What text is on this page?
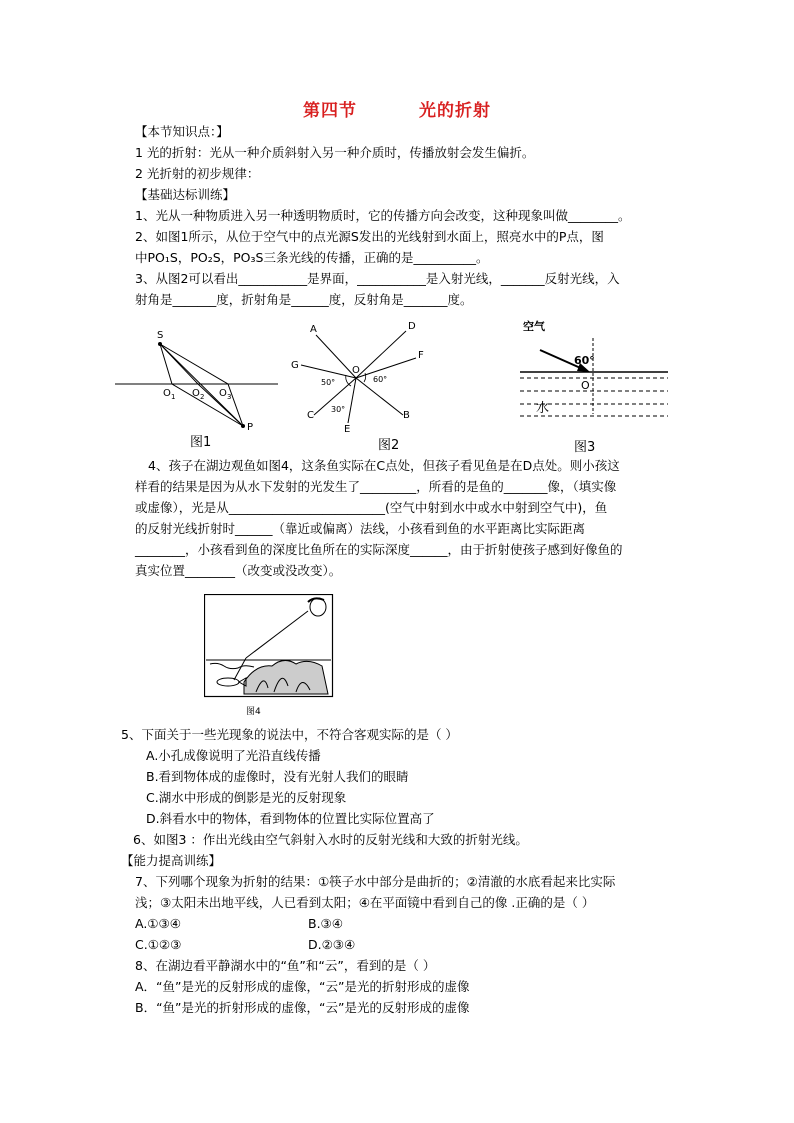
第四节	光的折射
【本节知识点：】
1 光的折射：光从一种介质斜射入另一种介质时，传播放射会发生偏折。
2 光折射的初步规律：
【基础达标训练】
1、光从一种物质进入另一种透明物质时，它的传播方向会改变，这种现象叫做________。
2、如图1所示，从位于空气中的点光源S发出的光线射到水面上，照亮水中的P点，图
中PO₁S，PO₂S，PO₃S三条光线的传播，正确的是__________。
3、从图2可以看出___________是界面，___________是入射光线，_______反射光线，入
射角是_______度，折射角是______度，反射角是_______度。
S
O 1 O 2 O 3
P
图1
A	D
F
G	O
50°	60°
30°
C
E
B
图2
空气
60°
O
水
图3
4、孩子在湖边观鱼如图4，这条鱼实际在C点处，但孩子看见鱼是在D点处。则小孩这
样看的结果是因为从水下发射的光发生了_________，所看的是鱼的_______像，（填实像
或虚像），光是从_________________________(空气中射到水中或水中射到空气中)，鱼
的反射光线折射时______（靠近或偏离）法线，小孩看到鱼的水平距离比实际距离
________，小孩看到鱼的深度比鱼所在的实际深度______，由于折射使孩子感到好像鱼的
真实位置________（改变或没改变）。
图4
5、下面关于一些光现象的说法中，不符合客观实际的是（ ）
A.小孔成像说明了光沿直线传播
B.看到物体成的虚像时，没有光射人我们的眼睛
C.湖水中形成的倒影是光的反射现象
D.斜看水中的物体，看到物体的位置比实际位置高了
6、如图3 ：作出光线由空气斜射入水时的反射光线和大致的折射光线。
【能力提高训练】
7、下列哪个现象为折射的结果：①筷子水中部分是曲折的；②清澈的水底看起来比实际
浅；③太阳未出地平线，人已看到太阳；④在平面镜中看到自己的像 .正确的是（ ）
A.①③④	B.③④
C.①②③	D.②③④
8、在湖边看平静湖水中的“鱼”和“云”，看到的是（ ）
A．“鱼”是光的反射形成的虚像，“云”是光的折射形成的虚像
B．“鱼”是光的折射形成的虚像，“云”是光的反射形成的虚像
